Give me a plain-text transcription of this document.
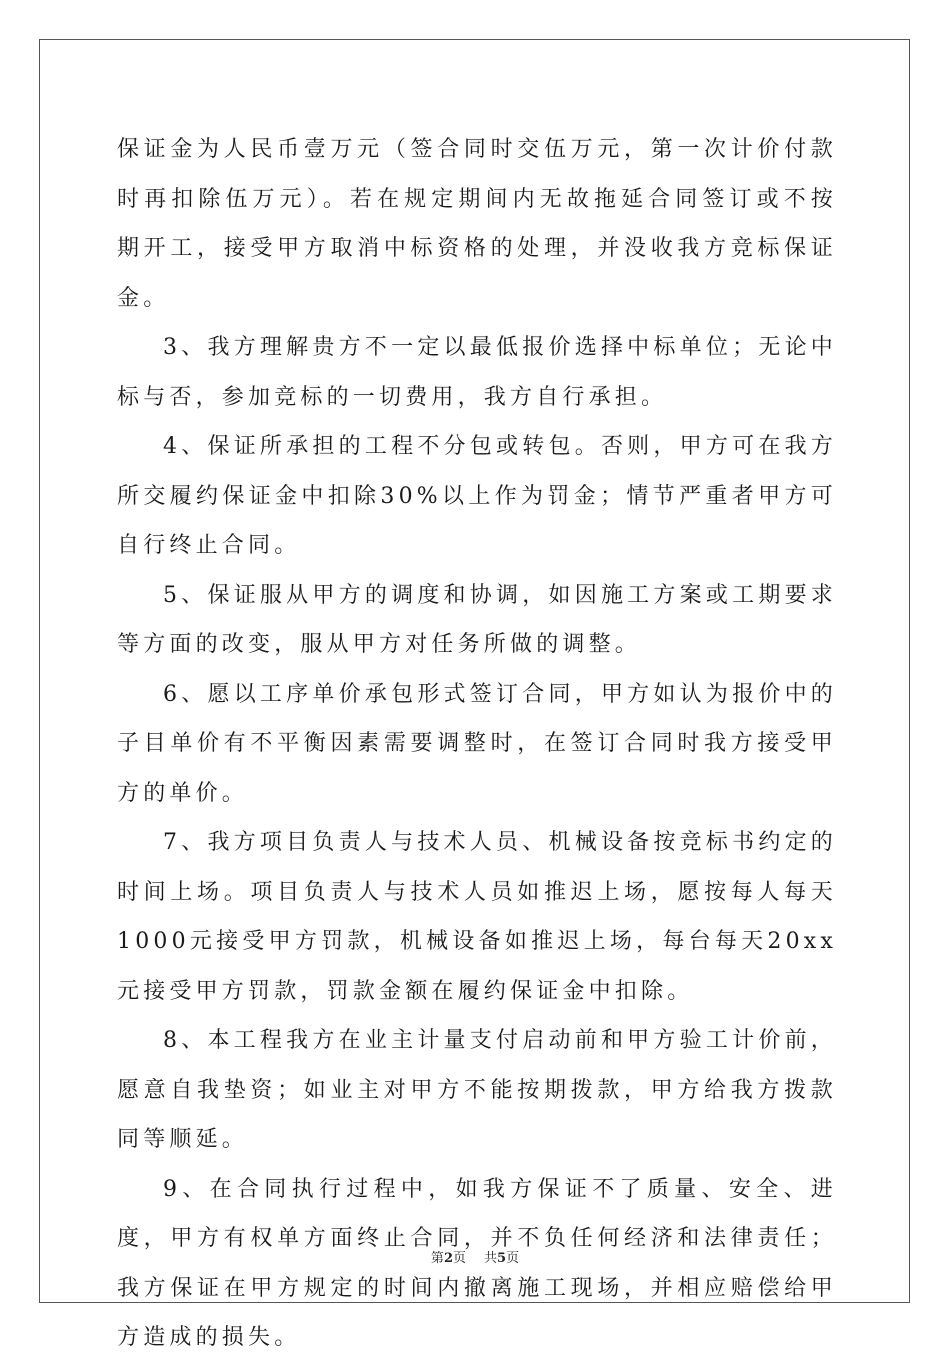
保证金为人民币壹万元（签合同时交伍万元，第一次计价付款时再扣除伍万元）。若在规定期间内无故拖延合同签订或不按期开工，接受甲方取消中标资格的处理，并没收我方竞标保证金。

3、我方理解贵方不一定以最低报价选择中标单位；无论中标与否，参加竞标的一切费用，我方自行承担。

4、保证所承担的工程不分包或转包。否则，甲方可在我方所交履约保证金中扣除30%以上作为罚金；情节严重者甲方可自行终止合同。

5、保证服从甲方的调度和协调，如因施工方案或工期要求等方面的改变，服从甲方对任务所做的调整。

6、愿以工序单价承包形式签订合同，甲方如认为报价中的子目单价有不平衡因素需要调整时，在签订合同时我方接受甲方的单价。

7、我方项目负责人与技术人员、机械设备按竞标书约定的时间上场。项目负责人与技术人员如推迟上场，愿按每人每天1000元接受甲方罚款，机械设备如推迟上场，每台每天20xx元接受甲方罚款，罚款金额在履约保证金中扣除。

8、本工程我方在业主计量支付启动前和甲方验工计价前，愿意自我垫资；如业主对甲方不能按期拨款，甲方给我方拨款同等顺延。

9、在合同执行过程中，如我方保证不了质量、安全、进度，甲方有权单方面终止合同，并不负任何经济和法律责任；我方保证在甲方规定的时间内撤离施工现场，并相应赔偿给甲方造成的损失。

第2页 共5页
